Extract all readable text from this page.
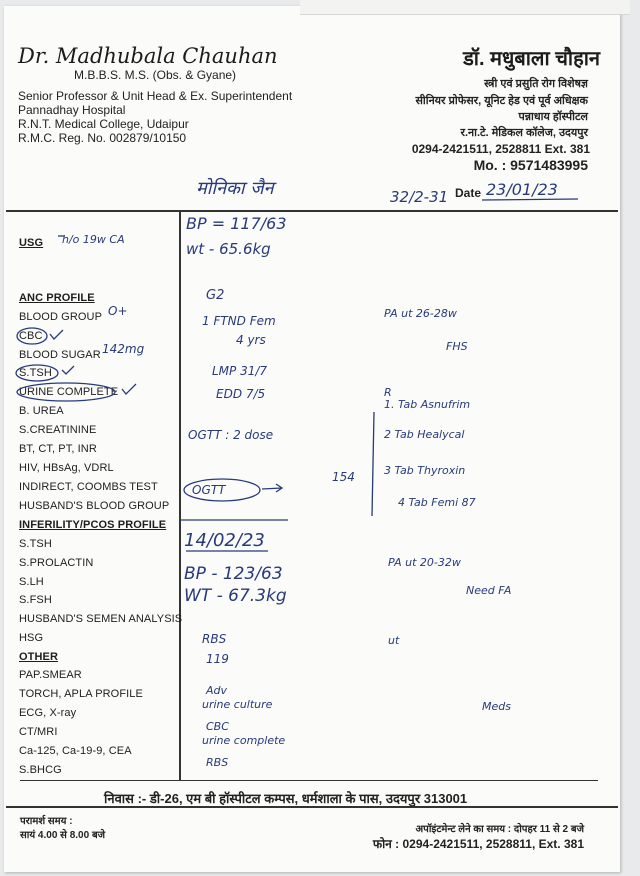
Dr. Madhubala Chauhan
M.B.B.S. M.S. (Obs. & Gyane)
Senior Professor & Unit Head & Ex. Superintendent
Pannadhay Hospital
R.N.T. Medical College, Udaipur
R.M.C. Reg. No. 002879/10150
डॉ. मधुबाला चौहान
स्त्री एवं प्रसुति रोग विशेषज्ञ
सीनियर प्रोफेसर, यूनिट हेड एवं पूर्व अधिक्षक
पन्नाधाय हॉस्पीटल
र.ना.टे. मेडिकल कॉलेज, उदयपुर
0294-2421511, 2528811 Ext. 381
Mo. : 9571483995
Date
USG
ANC PROFILE
BLOOD GROUP
CBC
BLOOD SUGAR
S.TSH
URINE COMPLETE
B. UREA
S.CREATININE
BT, CT, PT, INR
HIV, HBsAg, VDRL
INDIRECT, COOMBS TEST
HUSBAND'S BLOOD GROUP
INFERILITY/PCOS PROFILE
S.TSH
S.PROLACTIN
S.LH
S.FSH
HUSBAND'S SEMEN ANALYSIS
HSG
OTHER
PAP.SMEAR
TORCH, APLA PROFILE
ECG, X-ray
CT/MRI
Ca-125, Ca-19-9, CEA
S.BHCG
मोनिका जैन	32/2-31 23/01/23
h/o 19w CA
O+
142mg
BP = 117/63
wt - 65.6kg
G2
1 FTND Fem
4 yrs
LMP 31/7
EDD 7/5
OGTT : 2 dose
OGTT
154
PA ut 26-28w
FHS
R
1. Tab Asnufrim
2 Tab Healycal
3 Tab Thyroxin
4 Tab Femi 87
14/02/23
BP - 123/63
WT - 67.3kg
RBS
119
Adv
urine culture
CBC
urine complete
RBS
PA ut 20-32w
Need FA
ut
Meds
निवास :- डी-26, एम बी हॉस्पीटल कम्पस, धर्मशाला के पास, उदयपुर 313001
परामर्श समय :
सायं 4.00 से 8.00 बजे
अपॉइंटमेन्ट लेने का समय : दोपहर 11 से 2 बजे
फोन : 0294-2421511, 2528811, Ext. 381
